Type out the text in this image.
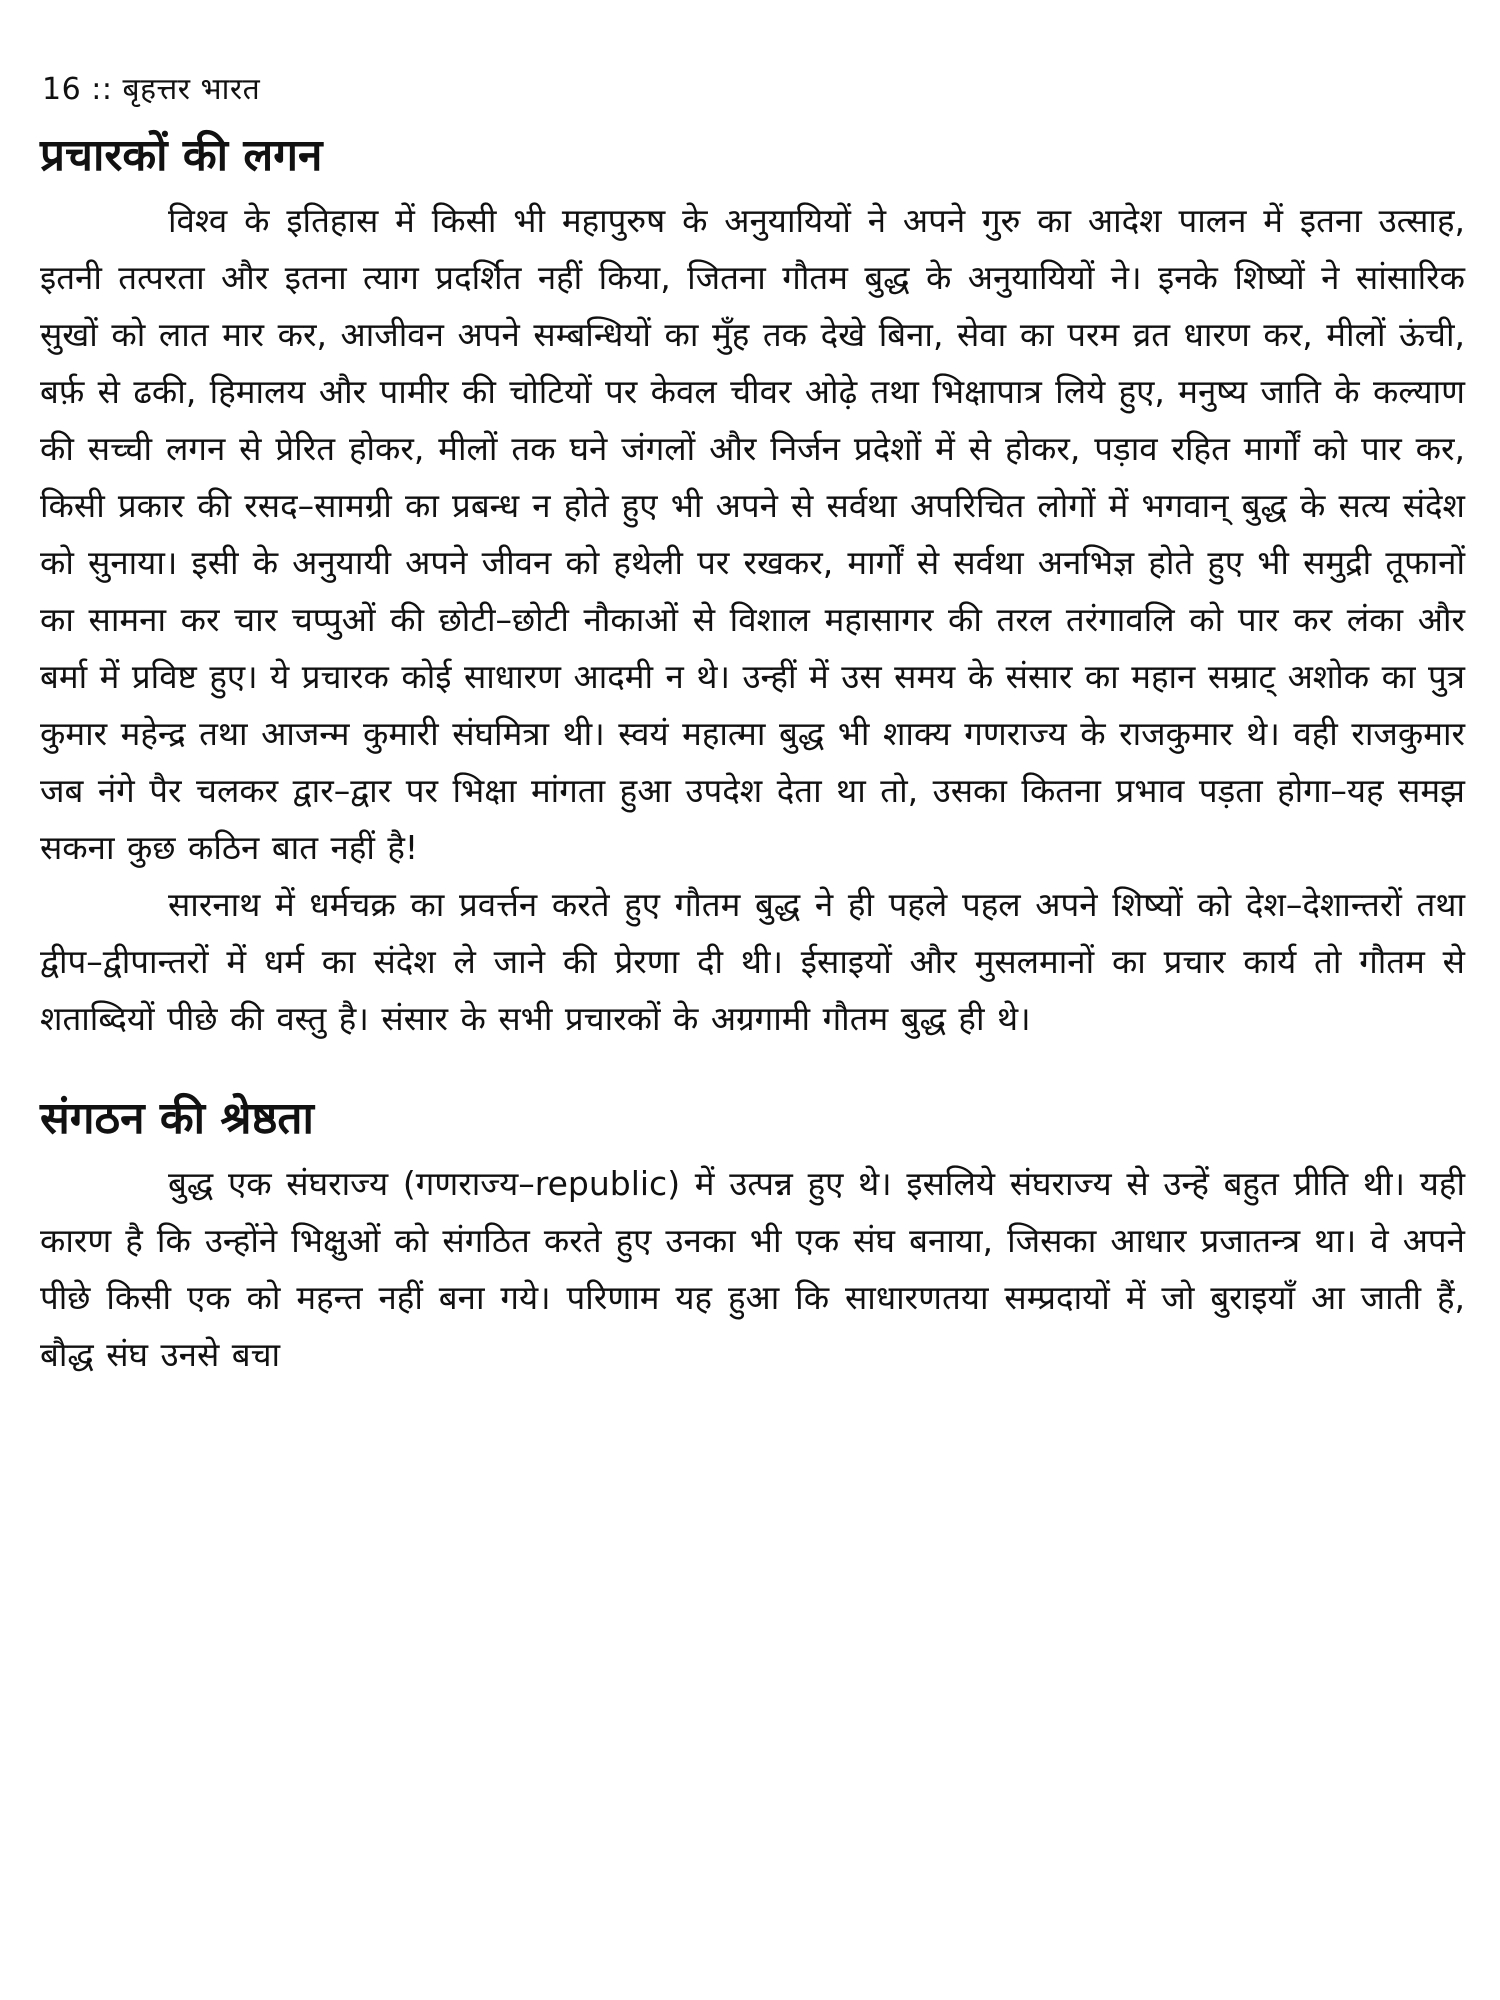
16 :: बृहत्तर भारत
प्रचारकों की लगन

विश्व के इतिहास में किसी भी महापुरुष के अनुयायियों ने अपने गुरु का आदेश पालन में इतना उत्साह, इतनी तत्परता और इतना त्याग प्रदर्शित नहीं किया, जितना गौतम बुद्ध के अनुयायियों ने। इनके शिष्यों ने सांसारिक सुखों को लात मार कर, आजीवन अपने सम्बन्धियों का मुँह तक देखे बिना, सेवा का परम व्रत धारण कर, मीलों ऊंची, बर्फ़ से ढकी, हिमालय और पामीर की चोटियों पर केवल चीवर ओढ़े तथा भिक्षापात्र लिये हुए, मनुष्य जाति के कल्याण की सच्ची लगन से प्रेरित होकर, मीलों तक घने जंगलों और निर्जन प्रदेशों में से होकर, पड़ाव रहित मार्गों को पार कर, किसी प्रकार की रसद–सामग्री का प्रबन्ध न होते हुए भी अपने से सर्वथा अपरिचित लोगों में भगवान् बुद्ध के सत्य संदेश को सुनाया। इसी के अनुयायी अपने जीवन को हथेली पर रखकर, मार्गों से सर्वथा अनभिज्ञ होते हुए भी समुद्री तूफानों का सामना कर चार चप्पुओं की छोटी–छोटी नौकाओं से विशाल महासागर की तरल तरंगावलि को पार कर लंका और बर्मा में प्रविष्ट हुए। ये प्रचारक कोई साधारण आदमी न थे। उन्हीं में उस समय के संसार का महान सम्राट् अशोक का पुत्र कुमार महेन्द्र तथा आजन्म कुमारी संघमित्रा थी। स्वयं महात्मा बुद्ध भी शाक्य गणराज्य के राजकुमार थे। वही राजकुमार जब नंगे पैर चलकर द्वार–द्वार पर भिक्षा मांगता हुआ उपदेश देता था तो, उसका कितना प्रभाव पड़ता होगा–यह समझ सकना कुछ कठिन बात नहीं है!

सारनाथ में धर्मचक्र का प्रवर्त्तन करते हुए गौतम बुद्ध ने ही पहले पहल अपने शिष्यों को देश–देशान्तरों तथा द्वीप–द्वीपान्तरों में धर्म का संदेश ले जाने की प्रेरणा दी थी। ईसाइयों और मुसलमानों का प्रचार कार्य तो गौतम से शताब्दियों पीछे की वस्तु है। संसार के सभी प्रचारकों के अग्रगामी गौतम बुद्ध ही थे।

संगठन की श्रेष्ठता

बुद्ध एक संघराज्य (गणराज्य–republic) में उत्पन्न हुए थे। इसलिये संघराज्य से उन्हें बहुत प्रीति थी। यही कारण है कि उन्होंने भिक्षुओं को संगठित करते हुए उनका भी एक संघ बनाया, जिसका आधार प्रजातन्त्र था। वे अपने पीछे किसी एक को महन्त नहीं बना गये। परिणाम यह हुआ कि साधारणतया सम्प्रदायों में जो बुराइयाँ आ जाती हैं, बौद्ध संघ उनसे बचा
